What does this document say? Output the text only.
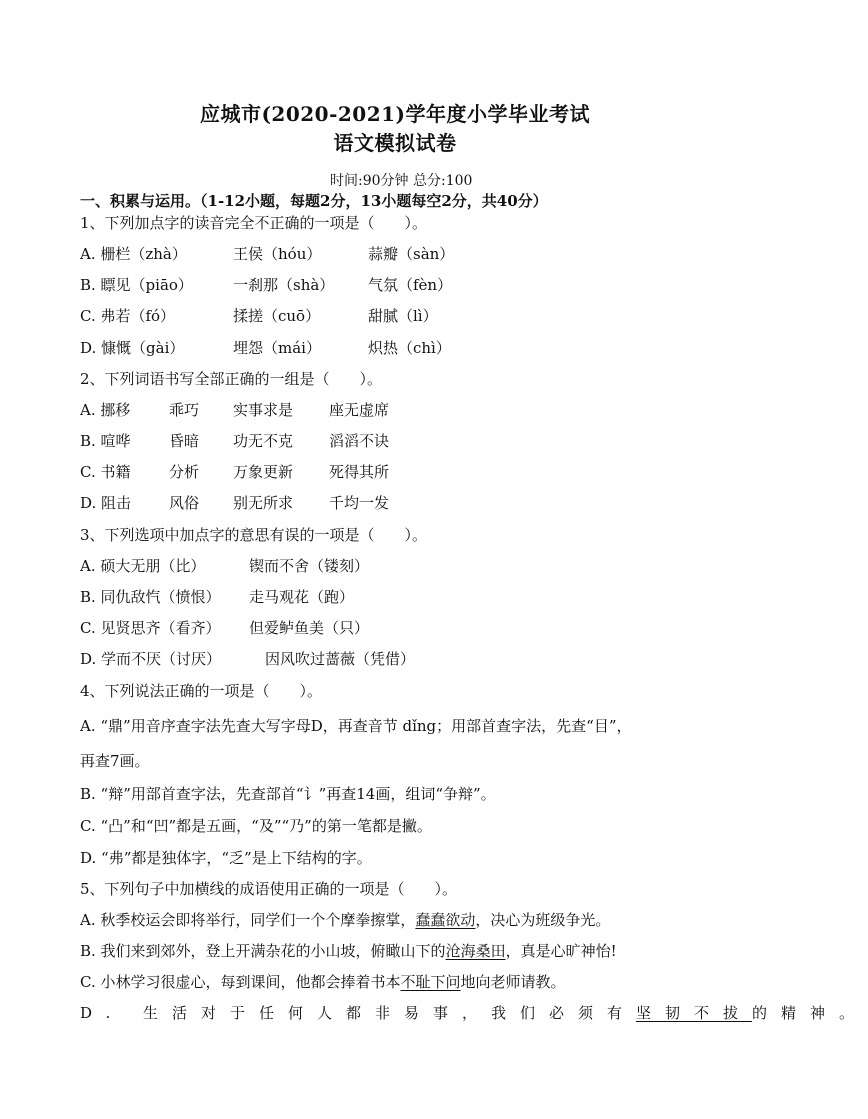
应城市(2020-2021)学年度小学毕业考试
语文模拟试卷
时间:90分钟 总分:100
一、积累与运用。（1-12小题，每题2分，13小题每空2分，共40分）
1、下列加点字的读音完全不正确的一项是（　　）。
A. 栅栏（zhà）	王侯（hóu）	蒜瓣（sàn）
B. 瞟见（piāo）	一刹那（shà） 气氛（fèn）
C. 弗若（fó）	揉搓（cuō）	甜腻（lì）
D. 慷慨（gài）	埋怨（mái）	炽热（chì）
2、下列词语书写全部正确的一组是（　　）。
A. 挪移	乖巧 实事求是 座无虚席
B. 喧哗	昏暗 功无不克 滔滔不诀
C. 书籍	分析 万象更新 死得其所
D. 阻击	风俗 别无所求 千均一发
3、下列选项中加点字的意思有误的一项是（　　）。
A. 硕大无朋（比）	锲而不舍（镂刻）
B. 同仇敌忾（愤恨） 走马观花（跑）
C. 见贤思齐（看齐） 但爱鲈鱼美（只）
D. 学而不厌（讨厌）	因风吹过蔷薇（凭借）
4、下列说法正确的一项是（　　）。
A. “鼎”用音序查字法先查大写字母D，再查音节 dǐng；用部首查字法，先查“目”，
再查7画。
B. “辩”用部首查字法，先查部首“讠”再查14画，组词“争辩”。
C. “凸”和“凹”都是五画，“及”“乃”的第一笔都是撇。
D. “弗”都是独体字，“乏”是上下结构的字。
5、下列句子中加横线的成语使用正确的一项是（　　）。
A. 秋季校运会即将举行，同学们一个个摩拳擦掌，蠢蠢欲动，决心为班级争光。
B. 我们来到郊外，登上开满杂花的小山坡，俯瞰山下的沧海桑田，真是心旷神怡!
C. 小林学习很虚心，每到课间，他都会捧着书本不耻下问地向老师请教。
D. 生活对于任何人都非易事，我们必须有坚韧不拔的精神。
